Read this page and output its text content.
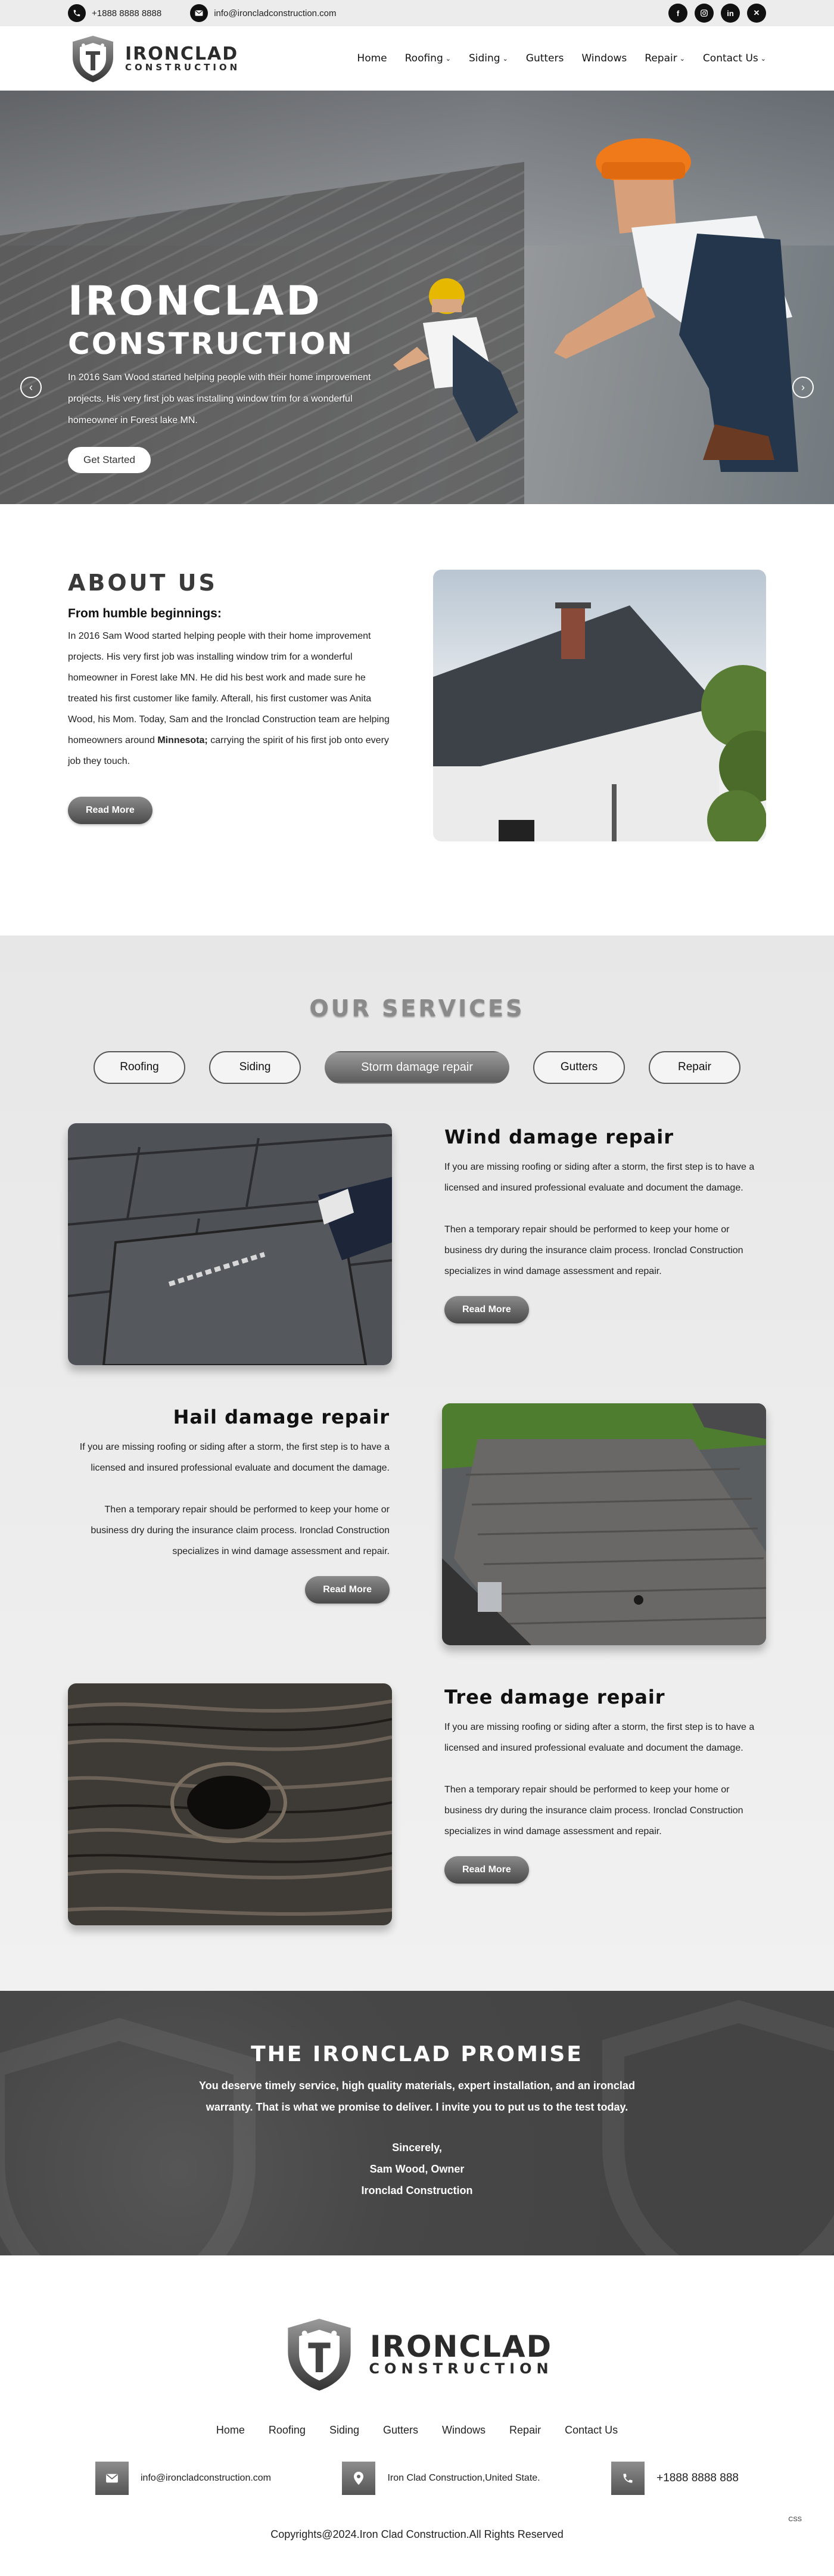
+1888 8888 8888	info@ironcladconstruction.com	f	in	✕
IRONCLAD
CONSTRUCTION
Home Roofing ⌄ Siding ⌄ Gutters Windows Repair ⌄ Contact Us ⌄
IRONCLAD
CONSTRUCTION

In 2016 Sam Wood started helping people with their home improvement projects. His very first job was installing window trim for a wonderful homeowner in Forest lake MN.

Get Started
‹	›
ABOUT US
From humble beginnings:

In 2016 Sam Wood started helping people with their home improvement projects. His very first job was installing window trim for a wonderful homeowner in Forest lake MN. He did his best work and made sure he treated his first customer like family. Afterall, his first customer was Anita Wood, his Mom. Today, Sam and the Ironclad Construction team are helping homeowners around Minnesota; carrying the spirit of his first job onto every job they touch.

Read More
OUR SERVICES
Roofing	Siding	Storm damage repair	Gutters	Repair
Wind damage repair

If you are missing roofing or siding after a storm, the first step is to have a licensed and insured professional evaluate and document the damage.

Then a temporary repair should be performed to keep your home or business dry during the insurance claim process. Ironclad Construction specializes in wind damage assessment and repair.

Read More
Hail damage repair

If you are missing roofing or siding after a storm, the first step is to have a licensed and insured professional evaluate and document the damage.

Then a temporary repair should be performed to keep your home or business dry during the insurance claim process. Ironclad Construction specializes in wind damage assessment and repair.

Read More
Tree damage repair

If you are missing roofing or siding after a storm, the first step is to have a licensed and insured professional evaluate and document the damage.

Then a temporary repair should be performed to keep your home or business dry during the insurance claim process. Ironclad Construction specializes in wind damage assessment and repair.

Read More
THE IRONCLAD PROMISE

You deserve timely service, high quality materials, expert installation, and an ironclad
warranty. That is what we promise to deliver. I invite you to put us to the test today.

Sincerely,
Sam Wood, Owner
Ironclad Construction

IRONCLAD
CONSTRUCTION
Home Roofing Siding Gutters Windows Repair Contact Us
info@ironcladconstruction.com	Iron Clad Construction,United State.	+1888 8888 888
Copyrights@2024.Iron Clad Construction.All Rights Reserved
CSS
